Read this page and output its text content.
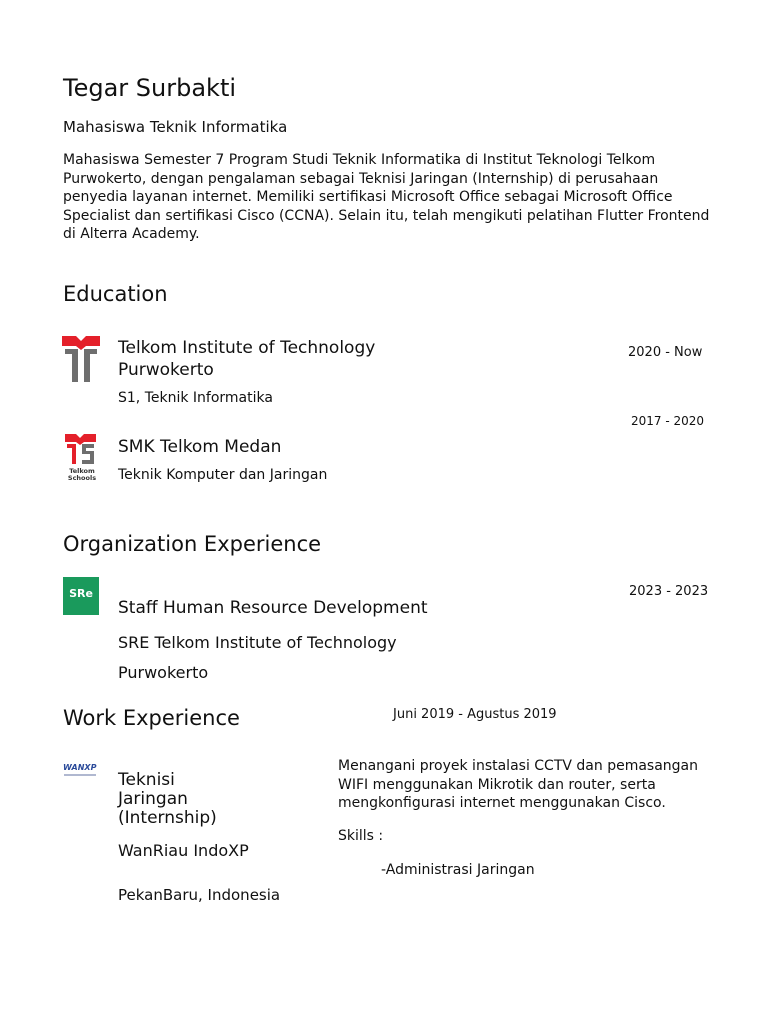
Tegar Surbakti
Mahasiswa Teknik Informatika
Mahasiswa Semester 7 Program Studi Teknik Informatika di Institut Teknologi Telkom Purwokerto, dengan pengalaman sebagai Teknisi Jaringan (Internship) di perusahaan penyedia layanan internet. Memiliki sertifikasi Microsoft Office sebagai Microsoft Office Specialist dan sertifikasi Cisco (CCNA). Selain itu, telah mengikuti pelatihan Flutter Frontend di Alterra Academy.
Education
Telkom Institute of Technology
Purwokerto
S1, Teknik Informatika
2020 - Now
Telkom
Schools
SMK Telkom Medan
Teknik Komputer dan Jaringan
2017 - 2020
Organization Experience
SRe
Staff Human Resource Development
SRE Telkom Institute of Technology
Purwokerto
2023 - 2023
Work Experience	Juni 2019 - Agustus 2019
WANXP
Teknisi
Jaringan
(Internship)
WanRiau IndoXP
PekanBaru, Indonesia
Menangani proyek instalasi CCTV dan pemasangan WIFI menggunakan Mikrotik dan router, serta mengkonfigurasi internet menggunakan Cisco.
Skills :
-Administrasi Jaringan
